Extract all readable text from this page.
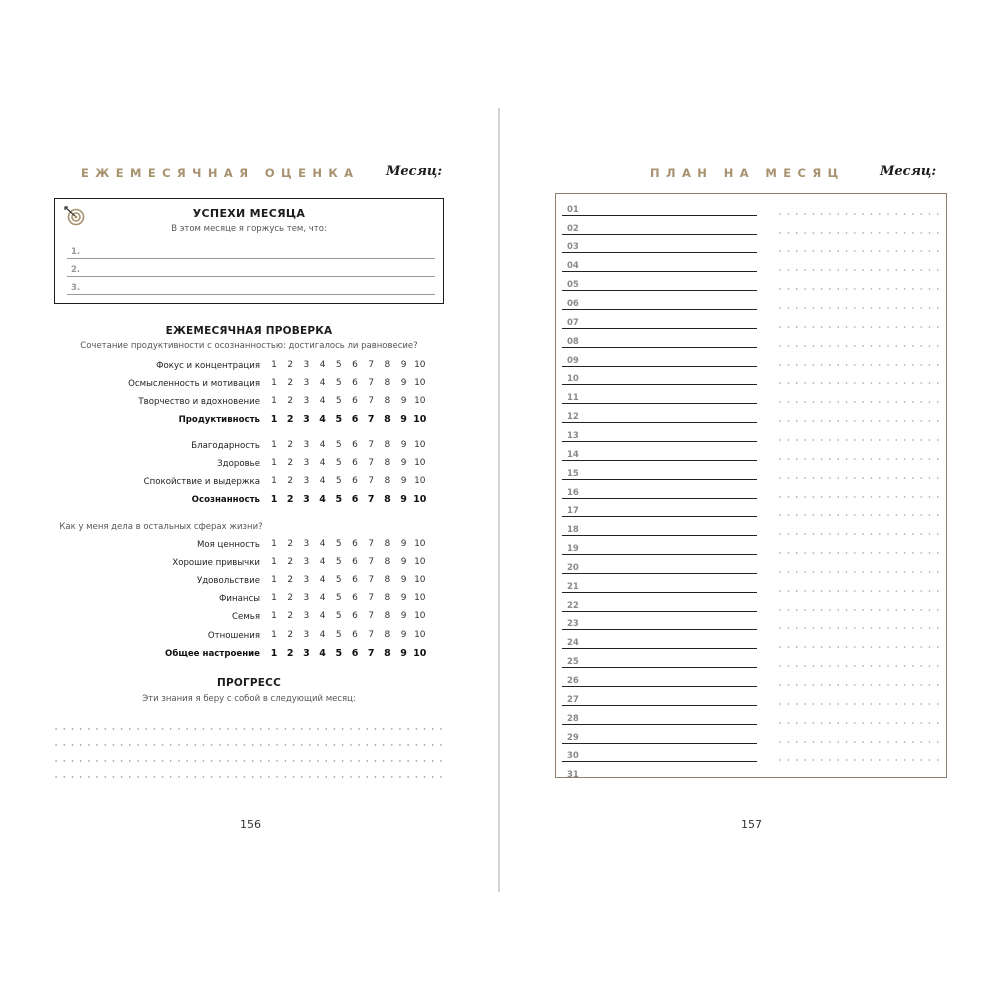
ЕЖЕМЕСЯЧНАЯ ОЦЕНКА Месяц:
УСПЕХИ МЕСЯЦА
В этом месяце я горжусь тем, что:
1.
2.
3.
ЕЖЕМЕСЯЧНАЯ ПРОВЕРКА
Сочетание продуктивности с осознанностью: достигалось ли равновесие?
Фокус и концентрация	1	2	3	4	5	6	7	8	9 10
Осмысленность и мотивация	1	2	3	4	5	6	7	8	9 10
Творчество и вдохновение	1	2	3	4	5	6	7	8	9 10
Продуктивность	1	2	3	4	5	6	7	8	9 10
Благодарность	1	2	3	4	5	6	7	8	9 10
Здоровье	1	2	3	4	5	6	7	8	9 10
Спокойствие и выдержка	1	2	3	4	5	6	7	8	9 10
Осознанность	1	2	3	4	5	6	7	8	9 10
Моя ценность	1	2	3	4	5	6	7	8	9 10
Хорошие привычки	1	2	3	4	5	6	7	8	9 10
Удовольствие	1	2	3	4	5	6	7	8	9 10
Финансы	1	2	3	4	5	6	7	8	9 10
Семья	1	2	3	4	5	6	7	8	9 10
Отношения	1	2	3	4	5	6	7	8	9 10
Общее настроение	1	2	3	4	5	6	7	8	9 10
Как у меня дела в остальных сферах жизни?
ПРОГРЕСС
Эти знания я беру с собой в следующий месяц:
156
ПЛАН НА МЕСЯЦ	Месяц:
01
02
03
04
05
06
07
08
09
10
11
12
13
14
15
16
17
18
19
20
21
22
23
24
25
26
27
28
29
30
31
157
